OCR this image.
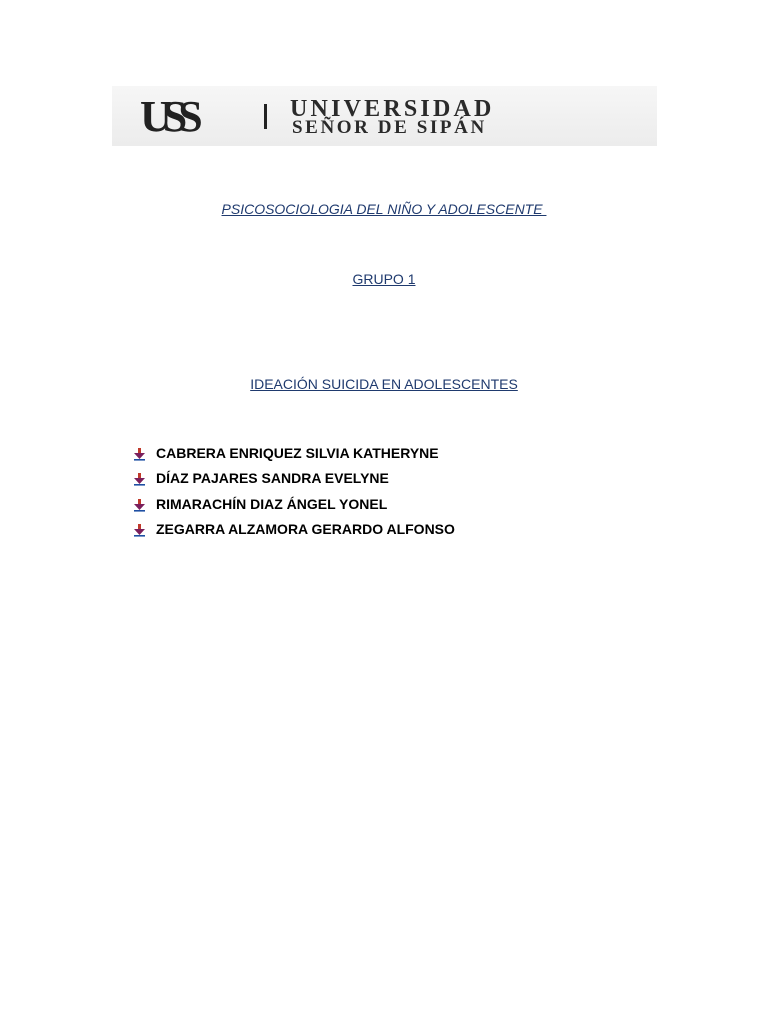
USS	UNIVERSIDAD
SEÑOR DE SIPÁN
PSICOSOCIOLOGIA DEL NIÑO Y ADOLESCENTE
GRUPO 1
IDEACIÓN SUICIDA EN ADOLESCENTES
CABRERA ENRIQUEZ SILVIA KATHERYNE
DÍAZ PAJARES SANDRA EVELYNE
RIMARACHÍN DIAZ ÁNGEL YONEL
ZEGARRA ALZAMORA GERARDO ALFONSO
